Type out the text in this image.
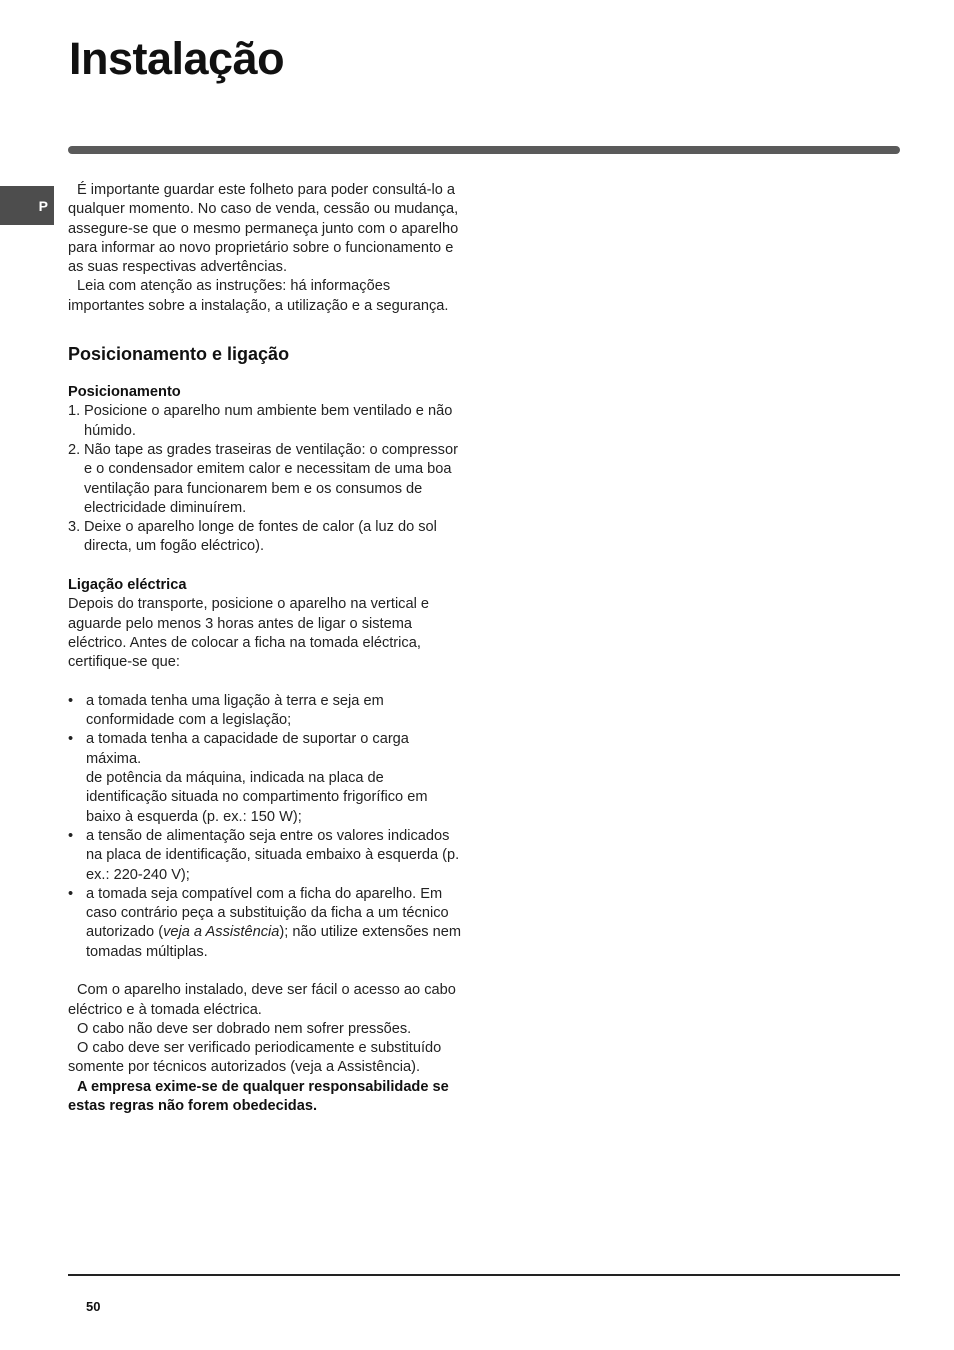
Instalação
P

É importante guardar este folheto para poder consultá-lo a qualquer momento. No caso de venda, cessão ou mudança, assegure-se que o mesmo permaneça junto com o aparelho para informar ao novo proprietário sobre o funcionamento e as suas respectivas advertências.

Leia com atenção as instruções: há informações importantes sobre a instalação, a utilização e a segurança.

Posicionamento e ligação

Posicionamento

1. Posicione o aparelho num ambiente bem ventilado e não húmido.
2. Não tape as grades traseiras de ventilação: o compressor e o condensador emitem calor e necessitam de uma boa ventilação para funcionarem bem e os consumos de electricidade diminuírem.
3. Deixe o aparelho longe de fontes de calor (a luz do sol directa, um fogão eléctrico).

Ligação eléctrica

Depois do transporte, posicione o aparelho na vertical e aguarde pelo menos 3 horas antes de ligar o sistema eléctrico. Antes de colocar a ficha na tomada eléctrica, certifique-se que:

• a tomada tenha uma ligação à terra e seja em conformidade com a legislação;
• a tomada tenha a capacidade de suportar o carga máxima.
de potência da máquina, indicada na placa de identificação situada no compartimento frigorífico em baixo à esquerda (p. ex.: 150 W);
• a tensão de alimentação seja entre os valores indicados na placa de identificação, situada embaixo à esquerda (p. ex.: 220-240 V);
• a tomada seja compatível com a ficha do aparelho. Em caso contrário peça a substituição da ficha a um técnico autorizado (veja a Assistência); não utilize extensões nem tomadas múltiplas.

Com o aparelho instalado, deve ser fácil o acesso ao cabo eléctrico e à tomada eléctrica.

O cabo não deve ser dobrado nem sofrer pressões.

O cabo deve ser verificado periodicamente e substituído somente por técnicos autorizados (veja a Assistência).

A empresa exime-se de qualquer responsabilidade se estas regras não forem obedecidas.

50
